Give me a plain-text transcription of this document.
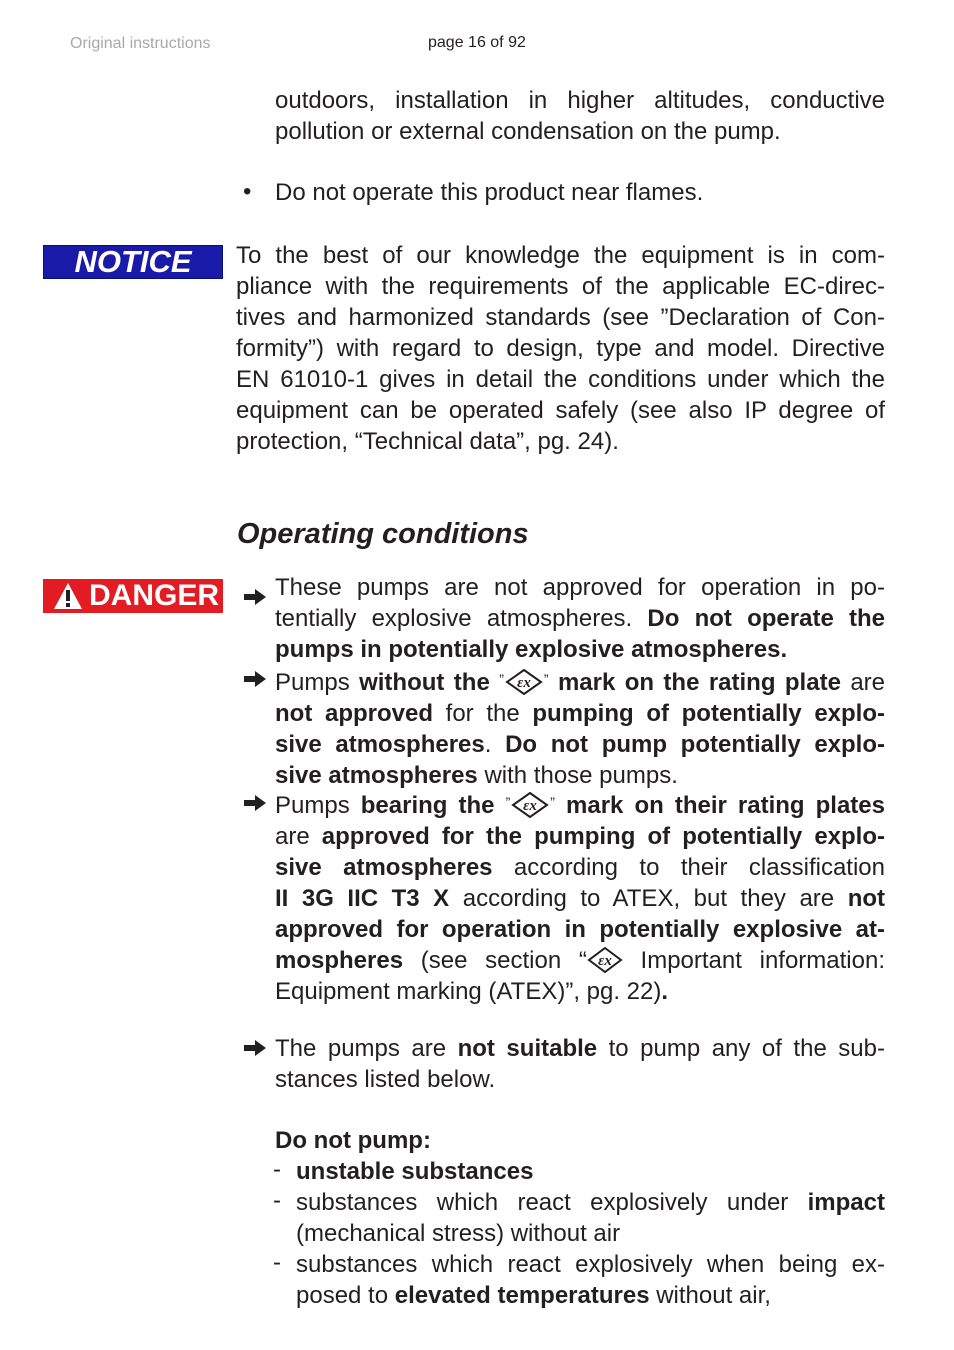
Original instructions	page 16 of 92
outdoors, installation in higher altitudes, conductive
pollution or external condensation on the pump.
• Do not operate this product near flames.
NOTICE	To the best of our knowledge the equipment is in com-
pliance with the requirements of the applicable EC-direc-
tives and harmonized standards (see ”Declaration of Con-
formity”) with regard to design, type and model. Directive
EN 61010-1 gives in detail the conditions under which the
equipment can be operated safely (see also IP degree of
protection, “Technical data”, pg. 24).
Operating conditions
DANGER These pumps are not approved for operation in po-
tentially explosive atmospheres. Do not operate the
pumps in potentially explosive atmospheres.
Pumps without the ” εx ” mark on the rating plate are
not approved for the pumping of potentially explo-
sive atmospheres. Do not pump potentially explo-
sive atmospheres with those pumps.
Pumps bearing the ” εx ” mark on their rating plates
are approved for the pumping of potentially explo-
sive atmospheres according to their classification
II 3G IIC T3 X according to ATEX, but they are not
approved for operation in potentially explosive at-
mospheres (see section “ εx Important information:
Equipment marking (ATEX)”, pg. 22).
The pumps are not suitable to pump any of the sub-
stances listed below.
Do not pump:
- unstable substances
- substances which react explosively under impact
(mechanical stress) without air
- substances which react explosively when being ex-
posed to elevated temperatures without air,
